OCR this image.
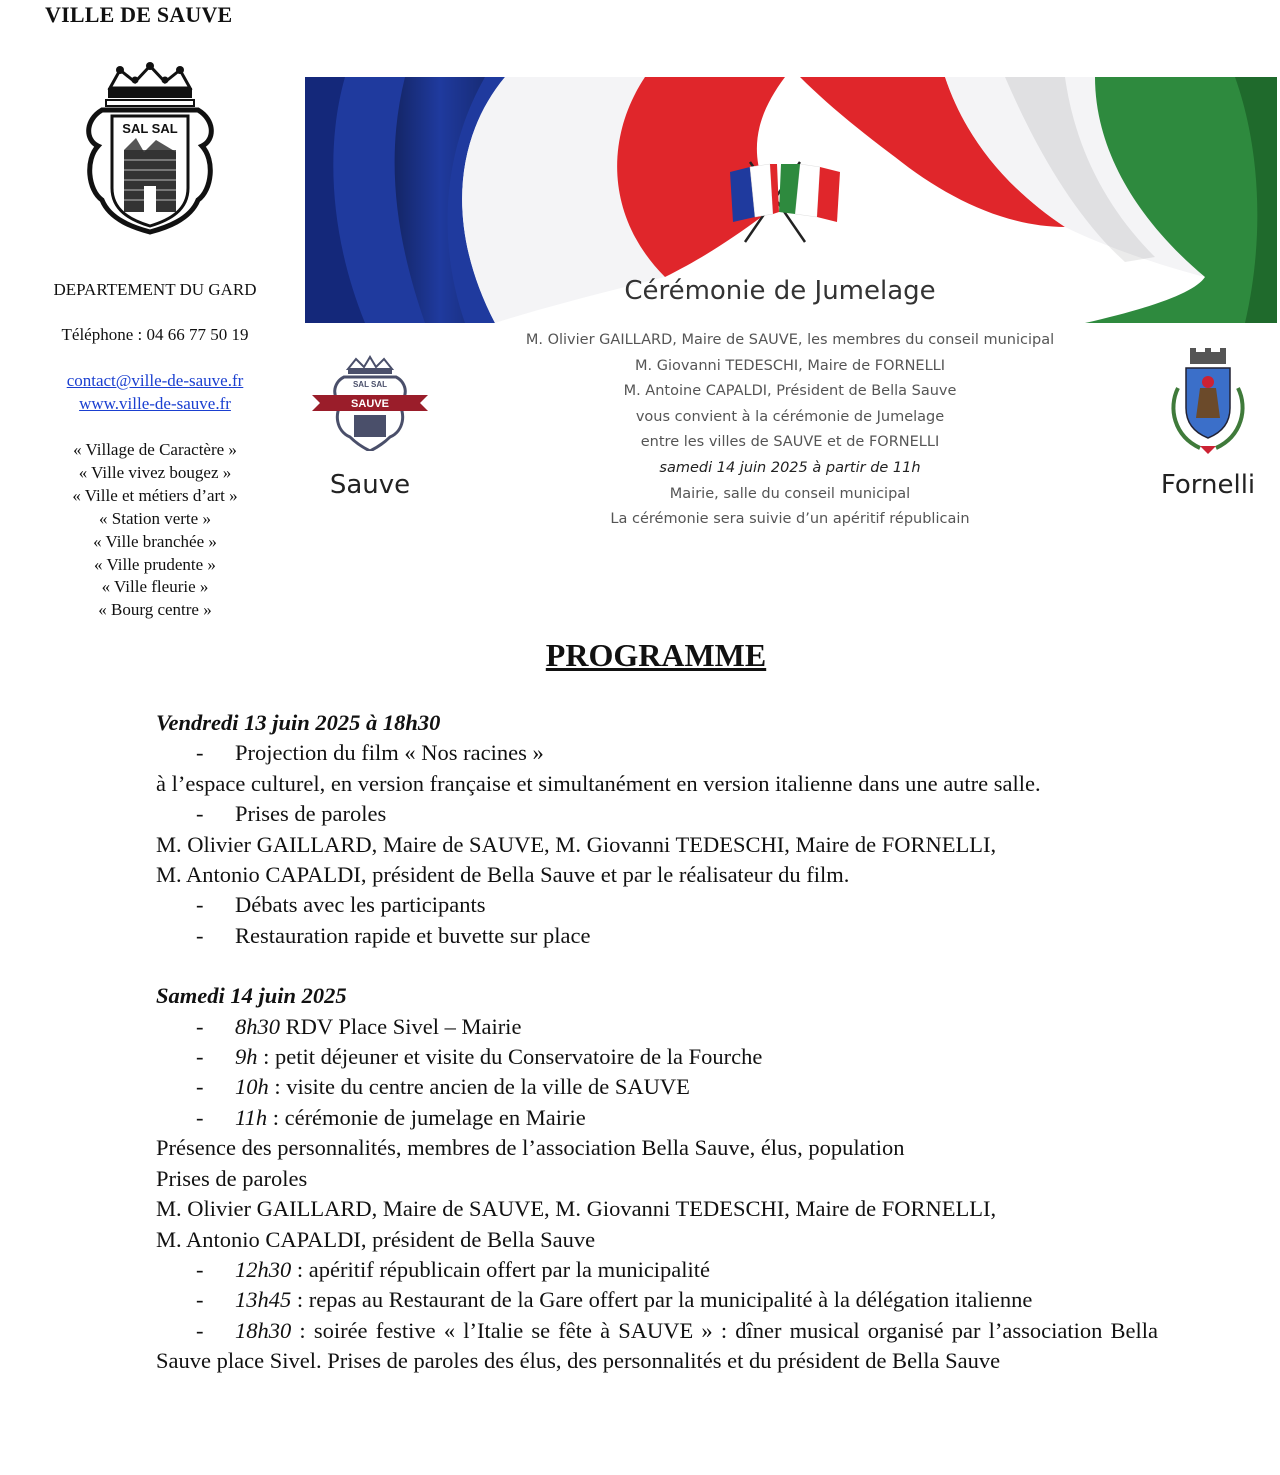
VILLE DE SAUVE
SAL SAL
DEPARTEMENT DU GARD
Téléphone : 04 66 77 50 19
contact@ville-de-sauve.fr
www.ville-de-sauve.fr
« Village de Caractère »
« Ville vivez bougez »
« Ville et métiers d’art »
« Station verte »
« Ville branchée »
« Ville prudente »
« Ville fleurie »
« Bourg centre »
Cérémonie de Jumelage
M. Olivier GAILLARD, Maire de SAUVE, les membres du conseil municipal
M. Giovanni TEDESCHI, Maire de FORNELLI
M. Antoine CAPALDI, Président de Bella Sauve
vous convient à la cérémonie de Jumelage
entre les villes de SAUVE et de FORNELLI
samedi 14 juin 2025 à partir de 11h
Mairie, salle du conseil municipal
La cérémonie sera suivie d’un apéritif républicain
SAL SAL
SAUVE
Sauve	Fornelli
PROGRAMME
Vendredi 13 juin 2025 à 18h30
- Projection du film « Nos racines »
à l’espace culturel, en version française et simultanément en version italienne dans une autre salle.
- Prises de paroles
M. Olivier GAILLARD, Maire de SAUVE, M. Giovanni TEDESCHI, Maire de FORNELLI,
M. Antonio CAPALDI, président de Bella Sauve et par le réalisateur du film.
- Débats avec les participants
- Restauration rapide et buvette sur place
Samedi 14 juin 2025
- 8h30 RDV Place Sivel – Mairie
- 9h : petit déjeuner et visite du Conservatoire de la Fourche
- 10h : visite du centre ancien de la ville de SAUVE
- 11h : cérémonie de jumelage en Mairie
Présence des personnalités, membres de l’association Bella Sauve, élus, population
Prises de paroles
M. Olivier GAILLARD, Maire de SAUVE, M. Giovanni TEDESCHI, Maire de FORNELLI,
M. Antonio CAPALDI, président de Bella Sauve
- 12h30 : apéritif républicain offert par la municipalité
- 13h45 : repas au Restaurant de la Gare offert par la municipalité à la délégation italienne
- 18h30 : soirée festive « l’Italie se fête à SAUVE » : dîner musical organisé par l’association Bella Sauve place Sivel. Prises de paroles des élus, des personnalités et du président de Bella Sauve
